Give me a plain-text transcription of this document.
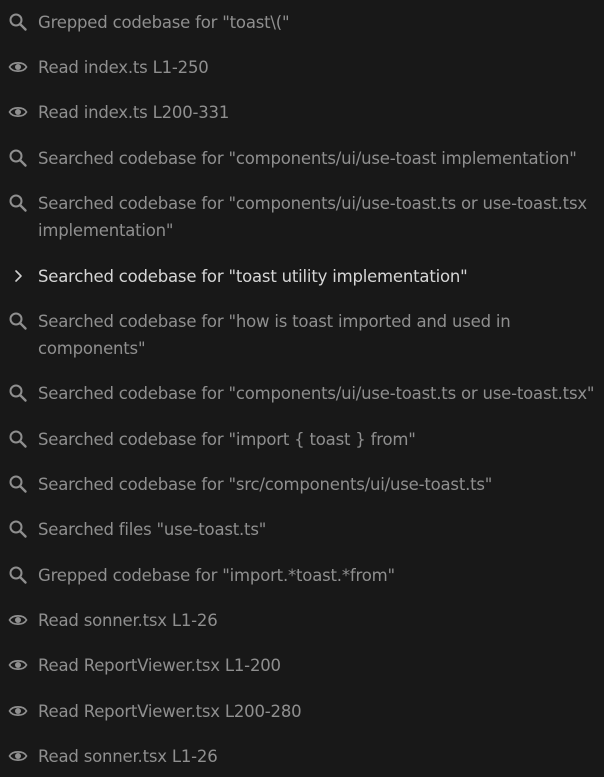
Grepped codebase for "toast\("
Read index.ts L1-250
Read index.ts L200-331
Searched codebase for "components/ui/use-toast implementation"
Searched codebase for "components/ui/use-toast.ts or use-toast.tsx implementation"
Searched codebase for "toast utility implementation"
Searched codebase for "how is toast imported and used in components"
Searched codebase for "components/ui/use-toast.ts or use-toast.tsx"
Searched codebase for "import { toast } from"
Searched codebase for "src/components/ui/use-toast.ts"
Searched files "use-toast.ts"
Grepped codebase for "import.*toast.*from"
Read sonner.tsx L1-26
Read ReportViewer.tsx L1-200
Read ReportViewer.tsx L200-280
Read sonner.tsx L1-26
